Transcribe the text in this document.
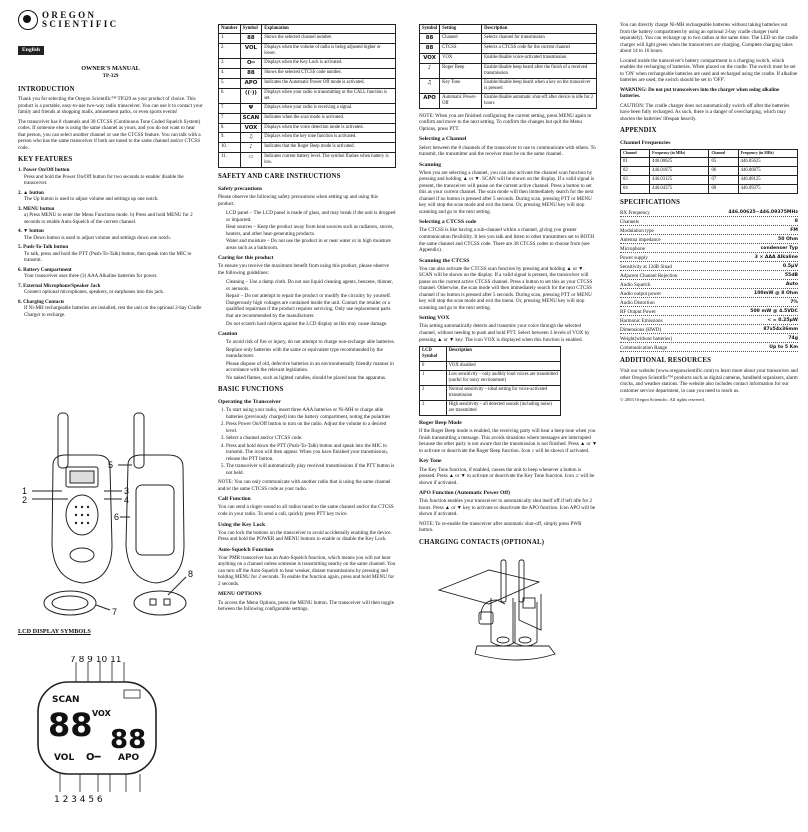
OREGON
SCIENTIFIC
English
OWNER'S MANUAL
TP-329
INTRODUCTION

Thank you for selecting the Oregon Scientific™ TP329 as your product of choice. This product is a portable, easy-to-use two-way radio transceiver. You can use it to contact your family and friends at shopping malls, amusement parks, or even sports events!

The transceiver has 8 channels and 38 CTCSS (Continuous Tone Coded Squelch System) codes. If someone else is using the same channel as yours, and you do not want to hear that person, you can select another channel or use the CTCSS feature. You can talk with a person who has the same transceiver if both are tuned to the same channel and/or CTCSS code.

KEY FEATURES
1. Power On/Off button
Press and hold the Power On/Off button for two seconds to enable/ disable the transceiver.
2. ▲ button
The Up button is used to adjust volume and settings up one notch.
3. MENU button
a) Press MENU to enter the Menu Functions mode. b) Press and hold MENU for 2 seconds to enable Auto-Squelch of the current channel.
4. ▼ button
The Down button is used to adjust volume and settings down one notch.
5. Push-To-Talk button
To talk, press and hold the PTT (Push-To-Talk) button, then speak into the MIC to transmit.
6. Battery Compartment
Your transceiver uses three (3) AAA Alkaline batteries for power.
7. External Microphone/Speaker Jack
Connect optional microphones, speakers, or earphones into this jack.
8. Charging Contacts
If Ni-MH rechargeable batteries are installed, rest the unit on the optional 2-bay Cradle Charger to recharge.
1
2
3
4
5
6
7
8
LCD DISPLAY SYMBOLS
SCAN
88 VOX
88
VOL O━ APO
7 8 9 10 11
1 2 3 4 5 6
Number	Symbol	Explanation
1.	88	Shows the selected channel number.
2.	VOL	Displays when the volume of radio is being adjusted higher or lower.
3.	O━	Displays when the Key Lock is activated.
4.	88	Shows the selected CTCSS code number.
5.	APO	Indicates the Automatic Power Off mode is activated.
6.	((·))	Displays when your radio is transmitting or the CALL function is set.
7.	Ψ	Displays when your radio is receiving a signal.
7.	SCAN	Indicates when the scan mode is activated.
8.	VOX	Displays when the voice detection mode is activated.
9.	♫	Displays when the key tone function is activated.
10.	♪	Indicates that the Roger Beep mode is activated.
11.	▭	Indicates current battery level. The symbol flashes when battery is low.
SAFETY AND CARE INSTRUCTIONS
Safety precautions

Please observe the following safety precautions when setting up and using this product.

• LCD panel – The LCD panel is made of glass, and may break if the unit is dropped or impacted.
• Heat sources – Keep the product away from heat sources such as radiators, stoves, heaters, and other heat-generating products.
• Water and moisture – Do not use the product in or near water or in high moisture areas such as a bathroom.
Caring for this product

To ensure you receive the maximum benefit from using this product, please observe the following guidelines:

• Cleaning – Use a damp cloth. Do not use liquid cleaning agents, benzene, thinner, or aerosols.
• Repair – Do not attempt to repair the product or modify the circuitry by yourself. Dangerously high voltages are contained inside the unit. Contact the retailer or a qualified repairman if the product requires servicing. Only use replacement parts that are recommended by the manufacturer.
• Do not scratch hard objects against the LCD display as this may cause damage.
Caution
• To avoid risk of fire or injury, do not attempt to charge non-recharge able batteries.
• Replace only batteries with the same or equivalent type recommended by the manufacturer.
• Please dispose of old, defective batteries in an environmentally friendly manner in accordance with the relevant legislation.
• No naked flames, such as lighted candles, should be placed near the apparatus.
BASIC FUNCTIONS
Operating the Transceiver
1. To start using your radio, insert three AAA batteries or Ni-MH re charge able batteries (previously charged) into the battery compartment, noting the polarities
2. Press Power On/Off button to turn on the radio. Adjust the volume to a desired level.
3. Select a channel and/or CTCSS code.
4. Press and hold down the PTT (Push-To-Talk) button and speak into the MIC to transmit. The icon will then appear. When you have finished your transmission, release the PTT button.
5. The transceiver will automatically play received transmissions if the PTT button is not held.

NOTE: You can only communicate with another radio that is using the same channel and/or the same CTCSS code as your radio.

Call Function

You can send a ringer sound to all radios tuned to the same channel and/or the CTCSS code in your radio. To send a call, quickly press PTT key twice.

Using the Key Lock

You can lock the buttons on the transceiver to avoid accidentally enabling the device. Press and hold the POWER and MENU buttons to enable or disable the Key Lock.

Auto-Squelch Function

Your PMR transceiver has an Auto-Squelch function, which means you will not hear anything on a channel unless someone is transmitting nearby on the same channel. You can turn off the Auto-Squelch to hear weaker, distant transmissions by pressing and holding MENU for 2 seconds. To enable the function again, press and hold MENU for 2 seconds.

MENU OPTIONS

To access the Menu Options, press the MENU button. The transceiver will then toggle between the following configurable settings.

Symbol	Setting	Description
88	Channel	Selects channel for transmission
88	CTCSS	Selects a CTCSS code for the current channel
VOX	VOX	Enable/disable voice-activated transmission
♪	Roger Beep	Enable/disable beep heard after the finish of a received transmission
♫	Key Tone	Enable/disable beep heard when a key on the transceiver is pressed
APO	Automatic Power-Off	Enable/disable automatic shut-off after device is idle for 2 hours

NOTE: When you are finished configuring the current setting, press MENU again to confirm and move to the next setting. To confirm the changes but quit the Menu Options, press PTT.

Selecting a Channel

Select between the 8 channels of the transceiver to use to communicate with others. To transmit, the transmitter and the receiver must be on the same channel.

Scanning

When you are selecting a channel, you can also activate the channel scan function by pressing and holding ▲ or ▼. SCAN will be shown on the display. If a valid signal is present, the transceiver will pause on the current active channel. Press a button to set this as your current channel. The scan mode will then immediately search for the next channel if no button is pressed after 5 seconds. During scan, pressing PTT or MENU key will stop the scan mode and exit the menu. Or, pressing MENU key will stop scanning and go to the next setting.

Selecting a CTCSS code

The CTCSS is like having a sub-channel within a channel, giving you greater communication flexibility. It lets you talk and listen to other transmitters set to BOTH the same channel and CTCSS code. There are 38 CTCSS codes to choose from (see Appendix).

Scanning the CTCSS

You can also activate the CTCSS scan function by pressing and holding ▲ or ▼. SCAN will be shown on the display. If a valid signal is present, the transceiver will pause on the current active CTCSS channel. Press a button to set this as your CTCSS channel. Otherwise, the scan mode will then immediately search for the next CTCSS channel if no button is pressed after 5 seconds. During scan, pressing PTT or MENU key will stop the scan mode and exit the menu. Or, pressing MENU key will stop scanning and go to the next setting.

Setting VOX

This setting automatically detects and transmits your voice through the selected channel, without needing to push and hold PTT. Select between 3 levels of VOX by pressing ▲ or ▼ key. The icon VOX is displayed when this function is enabled.

LCD Symbol	Description
0	VOX disabled
1	Low sensitivity – only audibly loud voices are transmitted (useful for noisy environment)
2	Normal sensitivity – ideal setting for voice-activated transmission
3	High sensitivity – all detected sounds (including noise) are transmitted
Roger Beep Mode

If the Roger Beep mode is enabled, the receiving party will hear a beep tone when you finish transmitting a message. This avoids situations where messages are interrupted because the other party is not aware that the transmission is not finished. Press ▲ or ▼ to activate or deactivate the Roger Beep function. Icon ♪ will be shown if activated.

Key Tone

The Key Tone function, if enabled, causes the unit to beep whenever a button is pressed. Press ▲ or ▼ to activate or deactivate the Key Tone function. Icon ♫ will be shown if activated.

APO Function (Automatic Power Off)

This function enables your transceiver to automatically shut itself off if left idle for 2 hours. Press ▲ or ▼ key to activate or deactivate the APO function. Icon APO will be shown if activated.

NOTE: To re-enable the transceiver after automatic shut-off, simply press PWR button.

CHARGING CONTACTS (OPTIONAL)

You can directly charge Ni-MH rechargeable batteries without taking batteries out from the battery compartment by using an optional 2-bay cradle charger (sold separately). You can recharge up to two radios at the same time. The LED on the cradle charger will light green when the transceivers are charging. Complete charging takes about 14 to 16 hours.

Located inside the transceiver's battery compartment is a charging switch, which enables the recharging of batteries. When placed on the cradle. The switch must be set to 'ON' when rechargeable batteries are used and recharged using the cradle. If alkaline batteries are used, the switch should be set to 'OFF'.

WARNING: Do not put transceivers into the charger when using alkaline batteries.

CAUTION: The cradle charger does not automatically switch off after the batteries have been fully recharged. As such, there is a danger of overcharging, which may shorten the batteries' lifespan heavily.

APPENDIX
Channel Frequencies
Channel	Frequency (in MHz)	Channel	Frequency (in MHz)
01	446.00625	05	446.05625
02	446.01875	06	446.06875
03	446.03125	07	446.08125
04	446.04375	08	446.09375
SPECIFICATIONS
RX Frequency	446.00625~446.09375MHz
Channels	8
Modulation type	FM
Antenna impedance	50 Ohm
Microphone	condenser Typ
Power supply	3 × AAA Alkaline
Sensitivity at 12dB Sinad	0.5µV
Adjacent Channel Rejection	55dB
Audio Squelch	Auto
Audio output power	100mW @ 8 Ohm
Audio Distortion	7%
RF Output Power	500 mW @ 4.5VDC
Harmonic Emissions	< = 0.25µW
Dimensions (HWD)	87x54x36mm
Weight(without batteries)	74g
Communication Range	Up to 5 Km
ADDITIONAL RESOURCES

Visit our website (www.oregonscientific.com) to learn more about your transceiver and other Oregon Scientific™ products such as digital cameras, handheld organizers, alarm clocks, and weather stations. The website also includes contact information for our customer service department, in case you need to reach us.

© 2003 Oregon Scientific. All rights reserved.
